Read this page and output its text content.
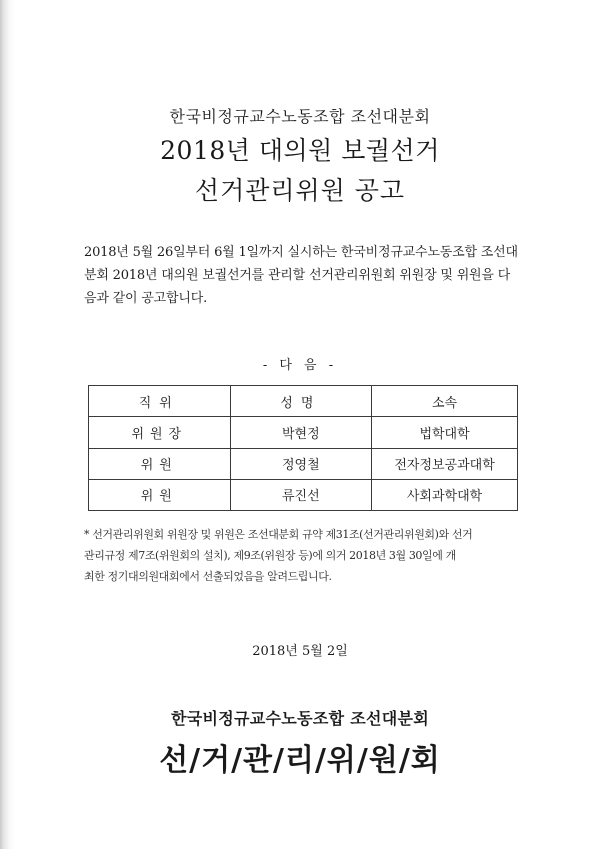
한국비정규교수노동조합 조선대분회
2018년 대의원 보궐선거
선거관리위원 공고
2018년 5월 26일부터 6월 1일까지 실시하는 한국비정규교수노동조합 조선대
분회 2018년 대의원 보궐선거를 관리할 선거관리위원회 위원장 및 위원을 다
음과 같이 공고합니다.
- 다 음 -
직위	성명	소속
위원장	박현정	법학대학
위원	정영철	전자정보공과대학
위원	류진선	사회과학대학
* 선거관리위원회 위원장 및 위원은 조선대분회 규약 제31조(선거관리위원회)와 선거
관리규정 제7조(위원회의 설치), 제9조(위원장 등)에 의거 2018년 3월 30일에 개
최한 정기대의원대회에서 선출되었음을 알려드립니다.
2018년 5월 2일
한국비정규교수노동조합 조선대분회
선/거/관/리/위/원/회
